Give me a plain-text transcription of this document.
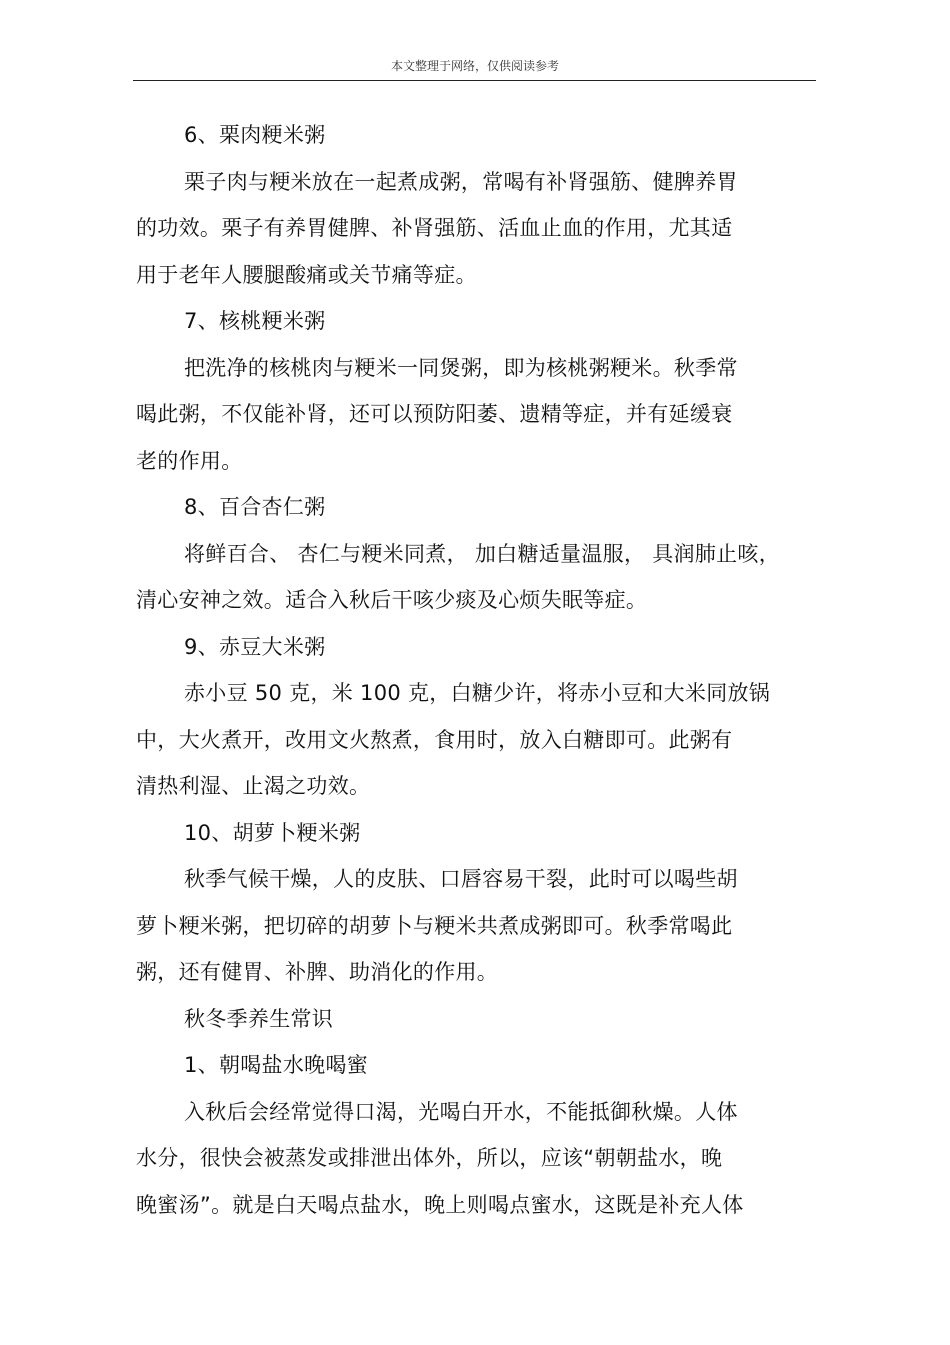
本文整理于网络，仅供阅读参考
6、栗肉粳米粥
栗子肉与粳米放在一起煮成粥，常喝有补肾强筋、健脾养胃
的功效。栗子有养胃健脾、补肾强筋、活血止血的作用，尤其适
用于老年人腰腿酸痛或关节痛等症。
7、核桃粳米粥
把洗净的核桃肉与粳米一同煲粥，即为核桃粥粳米。秋季常
喝此粥，不仅能补肾，还可以预防阳萎、遗精等症，并有延缓衰
老的作用。
8、百合杏仁粥
将鲜百合、 杏仁与粳米同煮， 加白糖适量温服， 具润肺止咳，
清心安神之效。适合入秋后干咳少痰及心烦失眠等症。
9、赤豆大米粥
赤小豆 50 克，米 100 克，白糖少许，将赤小豆和大米同放锅
中，大火煮开，改用文火熬煮，食用时，放入白糖即可。此粥有
清热利湿、止渴之功效。
10、胡萝卜粳米粥
秋季气候干燥，人的皮肤、口唇容易干裂，此时可以喝些胡
萝卜粳米粥，把切碎的胡萝卜与粳米共煮成粥即可。秋季常喝此
粥，还有健胃、补脾、助消化的作用。
秋冬季养生常识
1、朝喝盐水晚喝蜜
入秋后会经常觉得口渴，光喝白开水，不能抵御秋燥。人体
水分，很快会被蒸发或排泄出体外，所以，应该“朝朝盐水，晚
晚蜜汤”。就是白天喝点盐水，晚上则喝点蜜水，这既是补充人体
